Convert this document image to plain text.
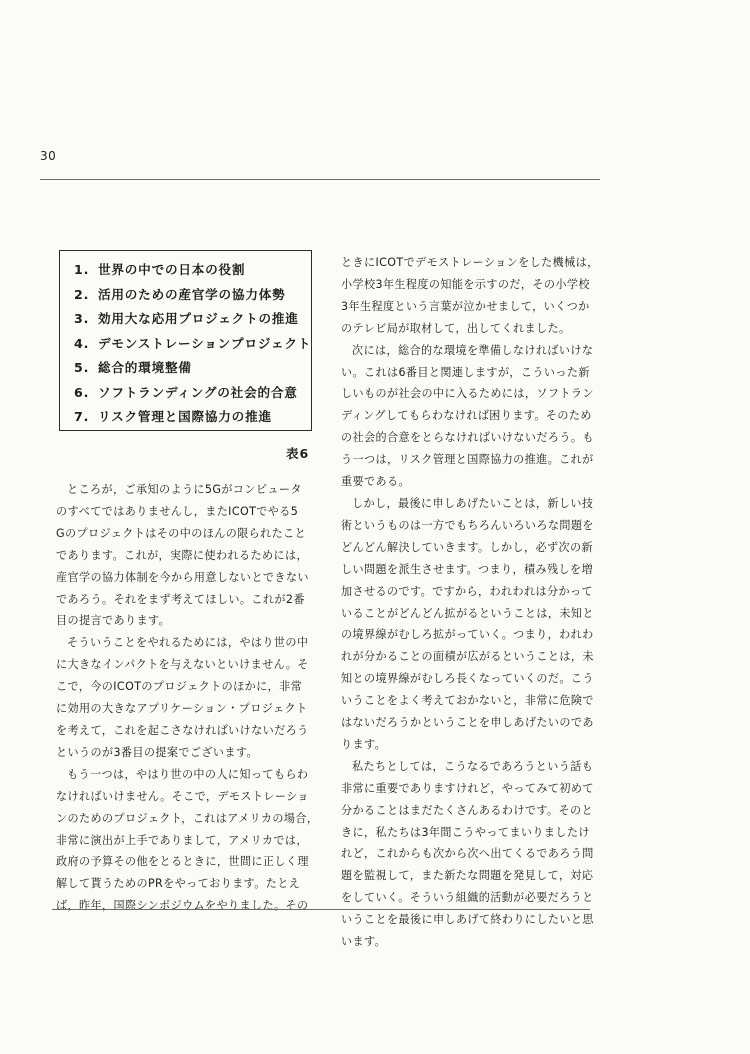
30
1. 世界の中での日本の役割
2. 活用のための産官学の協力体勢
3. 効用大な応用プロジェクトの推進
4. デモンストレーションプロジェクト
5. 総合的環境整備
6. ソフトランディングの社会的合意
7. リスク管理と国際協力の推進
表6

ところが，ご承知のように5Gがコンピュータ

のすべてではありませんし，またICOTでやる5

Gのプロジェクトはその中のほんの限られたこと

であります。これが，実際に使われるためには，

産官学の協力体制を今から用意しないとできない

であろう。それをまず考えてほしい。これが2番

目の提言であります。

そういうことをやれるためには，やはり世の中

に大きなインパクトを与えないといけません。そ

こで，今のICOTのプロジェクトのほかに，非常

に効用の大きなアプリケーション・プロジェクト

を考えて，これを起こさなければいけないだろう

というのが3番目の提案でございます。

もう一つは，やはり世の中の人に知ってもらわ

なければいけません。そこで，デモストレーショ

ンのためのプロジェクト，これはアメリカの場合，

非常に演出が上手でありまして，アメリカでは，

政府の予算その他をとるときに，世間に正しく理

解して貰うためのPRをやっております。たとえ

ば，昨年，国際シンポジウムをやりました。その

ときにICOTでデモストレーションをした機械は，

小学校3年生程度の知能を示すのだ，その小学校

3年生程度という言葉が泣かせまして，いくつか

のテレビ局が取材して，出してくれました。

次には，総合的な環境を準備しなければいけな

い。これは6番目と関連しますが，こういった新

しいものが社会の中に入るためには，ソフトラン

ディングしてもらわなければ困ります。そのため

の社会的合意をとらなければいけないだろう。も

う一つは，リスク管理と国際協力の推進。これが

重要である。

しかし，最後に申しあげたいことは，新しい技

術というものは一方でもちろんいろいろな問題を

どんどん解決していきます。しかし，必ず次の新

しい問題を派生させます。つまり，積み残しを増

加させるのです。ですから，われわれは分かって

いることがどんどん拡がるということは，未知と

の境界線がむしろ拡がっていく。つまり，われわ

れが分かることの面積が広がるということは，未

知との境界線がむしろ長くなっていくのだ。こう

いうことをよく考えておかないと，非常に危険で

はないだろうかということを申しあげたいのであ

ります。

私たちとしては，こうなるであろうという話も

非常に重要でありますけれど，やってみて初めて

分かることはまだたくさんあるわけです。そのと

きに，私たちは3年間こうやってまいりましたけ

れど，これからも次から次へ出てくるであろう問

題を監視して，また新たな問題を発見して，対応

をしていく。そういう組織的活動が必要だろうと

いうことを最後に申しあげて終わりにしたいと思

います。
